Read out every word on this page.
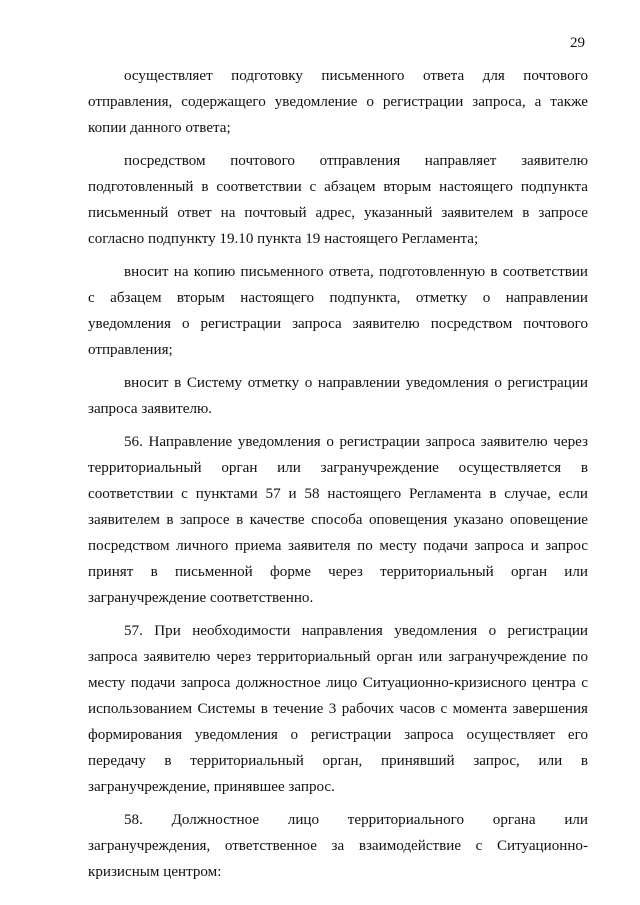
29

осуществляет подготовку письменного ответа для почтового отправления, содержащего уведомление о регистрации запроса, а также копии данного ответа;

посредством почтового отправления направляет заявителю подготовленный в соответствии с абзацем вторым настоящего подпункта письменный ответ на почтовый адрес, указанный заявителем в запросе согласно подпункту 19.10 пункта 19 настоящего Регламента;

вносит на копию письменного ответа, подготовленную в соответствии с абзацем вторым настоящего подпункта, отметку о направлении уведомления о регистрации запроса заявителю посредством почтового отправления;

вносит в Систему отметку о направлении уведомления о регистрации запроса заявителю.

56. Направление уведомления о регистрации запроса заявителю через территориальный орган или загранучреждение осуществляется в соответствии с пунктами 57 и 58 настоящего Регламента в случае, если заявителем в запросе в качестве способа оповещения указано оповещение посредством личного приема заявителя по месту подачи запроса и запрос принят в письменной форме через территориальный орган или загранучреждение соответственно.

57. При необходимости направления уведомления о регистрации запроса заявителю через территориальный орган или загранучреждение по месту подачи запроса должностное лицо Ситуационно-кризисного центра с использованием Системы в течение 3 рабочих часов с момента завершения формирования уведомления о регистрации запроса осуществляет его передачу в территориальный орган, принявший запрос, или в загранучреждение, принявшее запрос.

58. Должностное лицо территориального органа или загранучреждения, ответственное за взаимодействие с Ситуационно-кризисным центром:
